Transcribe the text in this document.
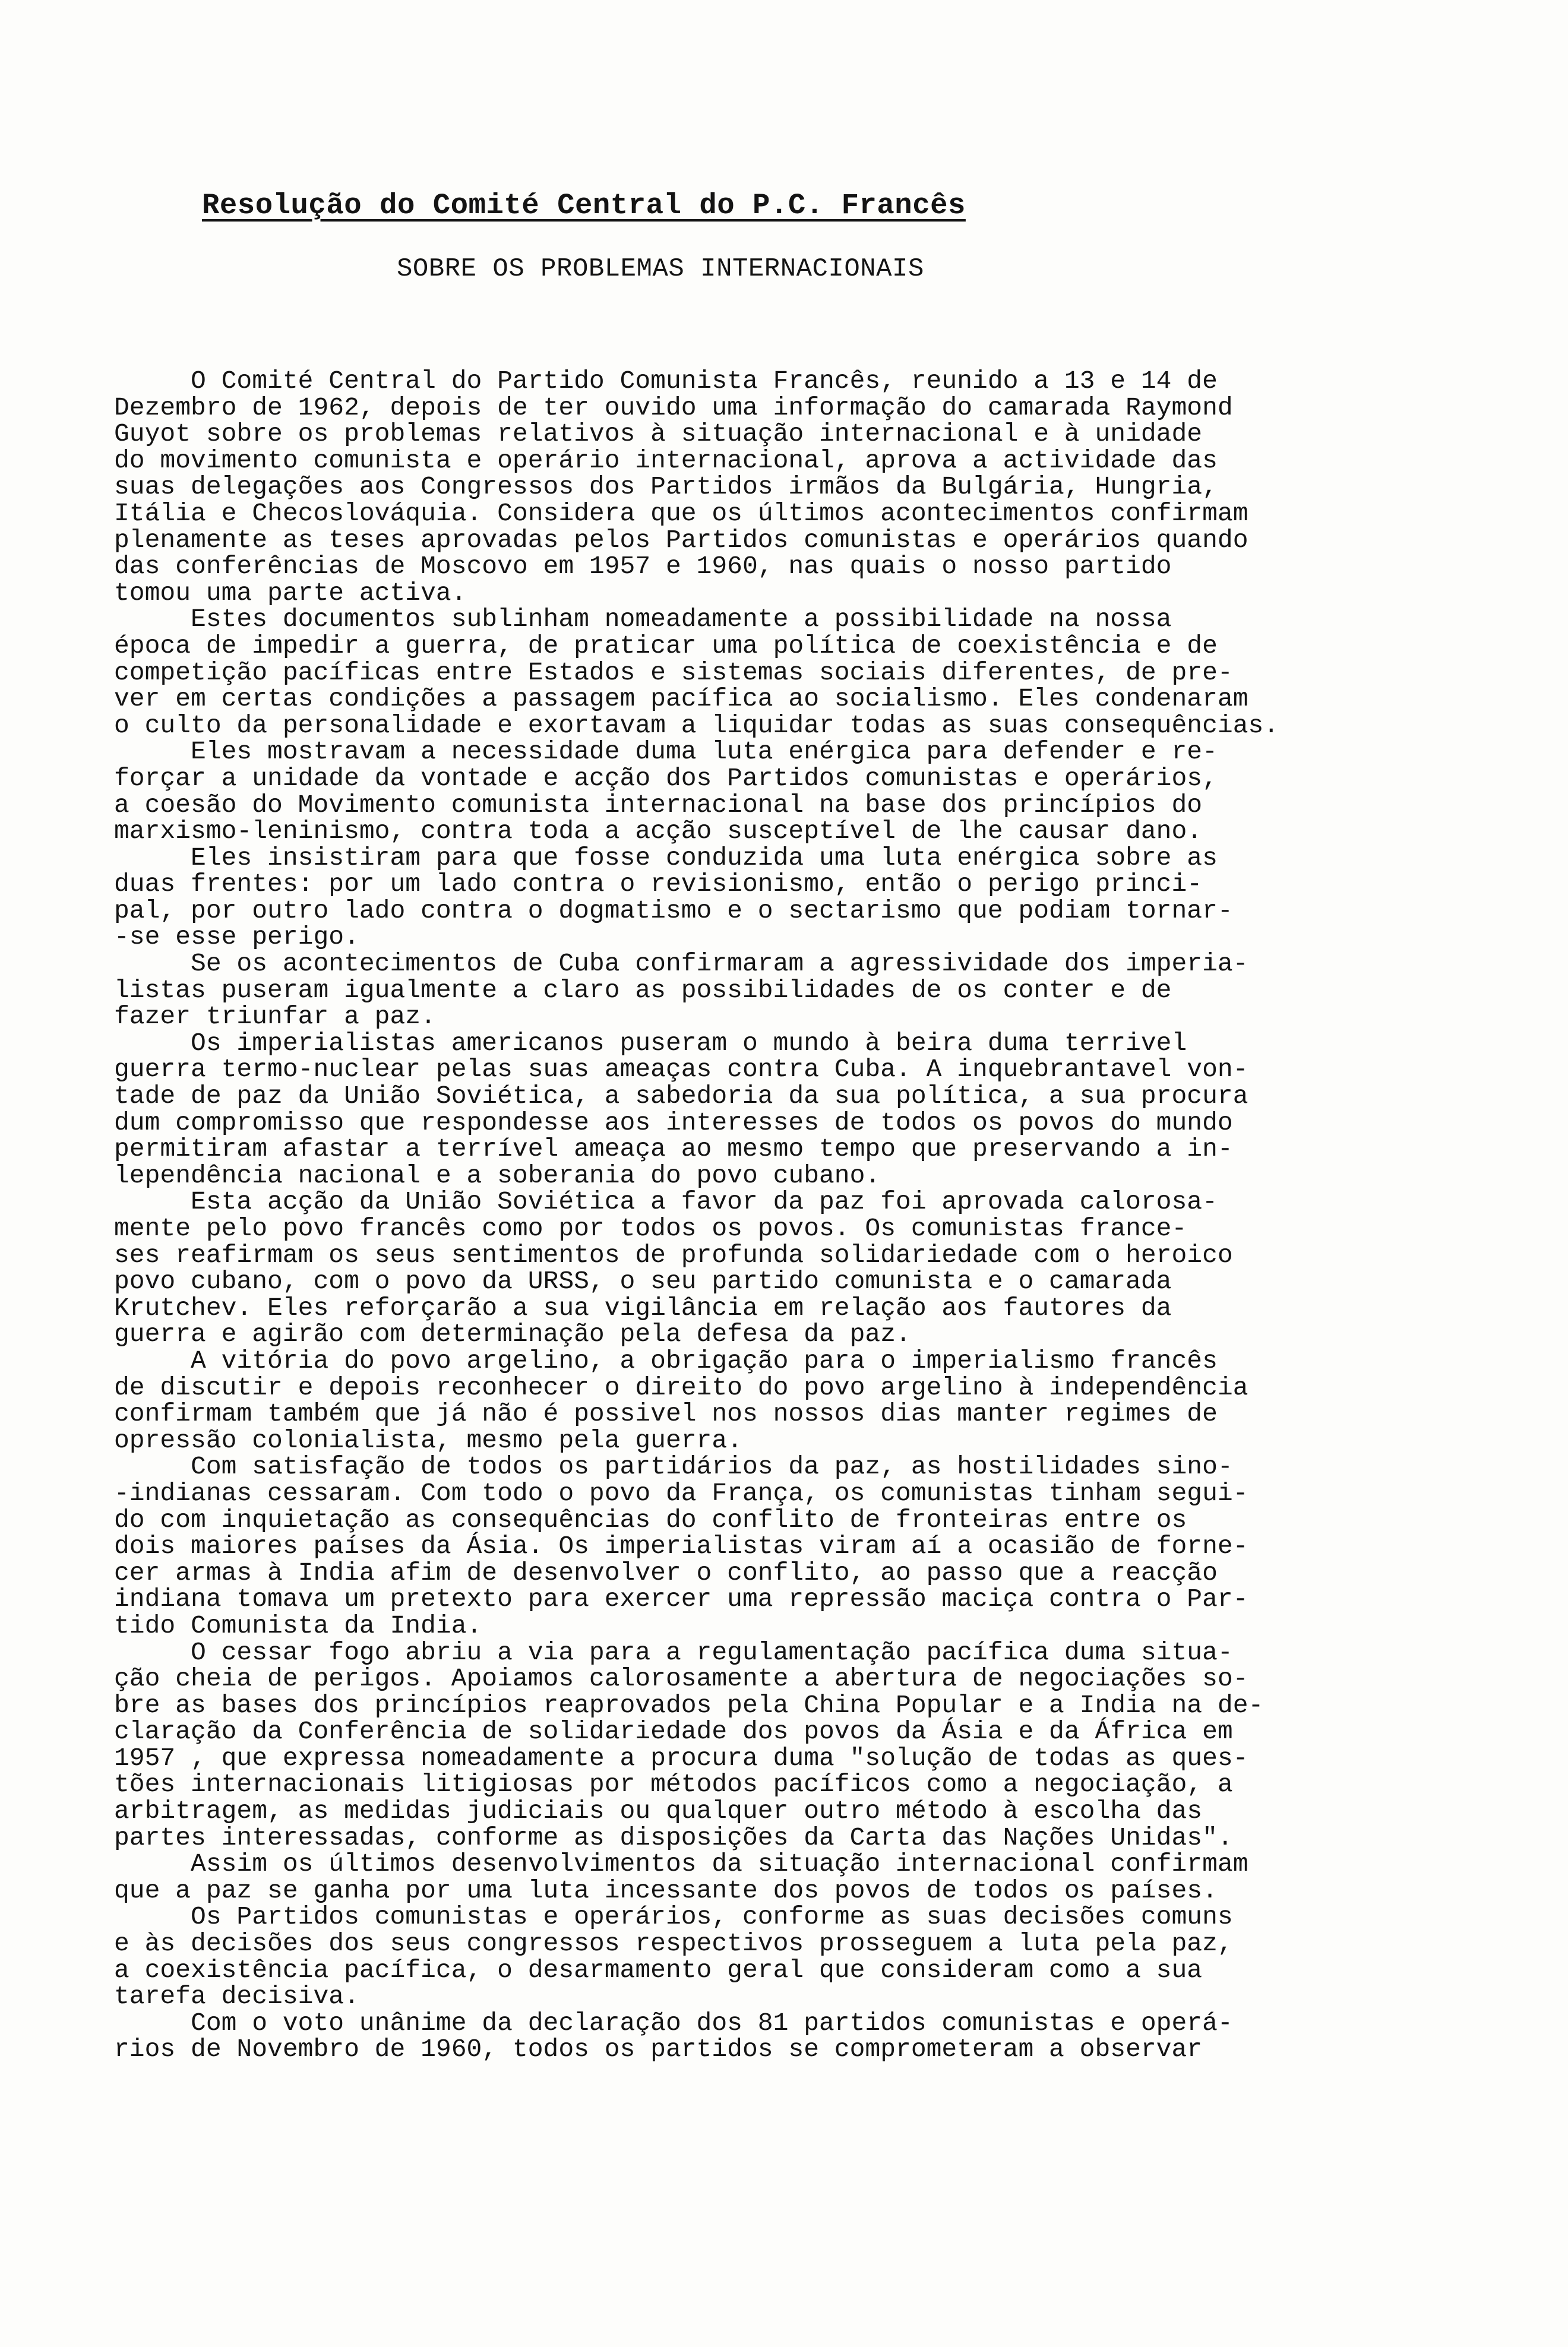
Resolução do Comité Central do P.C. Francês
SOBRE OS PROBLEMAS INTERNACIONAIS
O Comité Central do Partido Comunista Francês, reunido a 13 e 14 de
Dezembro de 1962, depois de ter ouvido uma informação do camarada Raymond
Guyot sobre os problemas relativos à situação internacional e à unidade
do movimento comunista e operário internacional, aprova a actividade das
suas delegações aos Congressos dos Partidos irmãos da Bulgária, Hungria,
Itália e Checoslováquia. Considera que os últimos acontecimentos confirmam
plenamente as teses aprovadas pelos Partidos comunistas e operários quando
das conferências de Moscovo em 1957 e 1960, nas quais o nosso partido
tomou uma parte activa.
Estes documentos sublinham nomeadamente a possibilidade na nossa
época de impedir a guerra, de praticar uma política de coexistência e de
competição pacíficas entre Estados e sistemas sociais diferentes, de pre-
ver em certas condições a passagem pacífica ao socialismo. Eles condenaram
o culto da personalidade e exortavam a liquidar todas as suas consequências.
Eles mostravam a necessidade duma luta enérgica para defender e re-
forçar a unidade da vontade e acção dos Partidos comunistas e operários,
a coesão do Movimento comunista internacional na base dos princípios do
marxismo-leninismo, contra toda a acção susceptível de lhe causar dano.
Eles insistiram para que fosse conduzida uma luta enérgica sobre as
duas frentes: por um lado contra o revisionismo, então o perigo princi-
pal, por outro lado contra o dogmatismo e o sectarismo que podiam tornar-
-se esse perigo.
Se os acontecimentos de Cuba confirmaram a agressividade dos imperia-
listas puseram igualmente a claro as possibilidades de os conter e de
fazer triunfar a paz.
Os imperialistas americanos puseram o mundo à beira duma terrivel
guerra termo-nuclear pelas suas ameaças contra Cuba. A inquebrantavel von-
tade de paz da União Soviética, a sabedoria da sua política, a sua procura
dum compromisso que respondesse aos interesses de todos os povos do mundo
permitiram afastar a terrível ameaça ao mesmo tempo que preservando a in-
lependência nacional e a soberania do povo cubano.
Esta acção da União Soviética a favor da paz foi aprovada calorosa-
mente pelo povo francês como por todos os povos. Os comunistas france-
ses reafirmam os seus sentimentos de profunda solidariedade com o heroico
povo cubano, com o povo da URSS, o seu partido comunista e o camarada
Krutchev. Eles reforçarão a sua vigilância em relação aos fautores da
guerra e agirão com determinação pela defesa da paz.
A vitória do povo argelino, a obrigação para o imperialismo francês
de discutir e depois reconhecer o direito do povo argelino à independência
confirmam também que já não é possivel nos nossos dias manter regimes de
opressão colonialista, mesmo pela guerra.
Com satisfação de todos os partidários da paz, as hostilidades sino-
-indianas cessaram. Com todo o povo da França, os comunistas tinham segui-
do com inquietação as consequências do conflito de fronteiras entre os
dois maiores países da Ásia. Os imperialistas viram aí a ocasião de forne-
cer armas à India afim de desenvolver o conflito, ao passo que a reacção
indiana tomava um pretexto para exercer uma repressão maciça contra o Par-
tido Comunista da India.
O cessar fogo abriu a via para a regulamentação pacífica duma situa-
ção cheia de perigos. Apoiamos calorosamente a abertura de negociações so-
bre as bases dos princípios reaprovados pela China Popular e a India na de-
claração da Conferência de solidariedade dos povos da Ásia e da África em
1957 , que expressa nomeadamente a procura duma "solução de todas as ques-
tões internacionais litigiosas por métodos pacíficos como a negociação, a
arbitragem, as medidas judiciais ou qualquer outro método à escolha das
partes interessadas, conforme as disposições da Carta das Nações Unidas".
Assim os últimos desenvolvimentos da situação internacional confirmam
que a paz se ganha por uma luta incessante dos povos de todos os países.
Os Partidos comunistas e operários, conforme as suas decisões comuns
e às decisões dos seus congressos respectivos prosseguem a luta pela paz,
a coexistência pacífica, o desarmamento geral que consideram como a sua
tarefa decisiva.
Com o voto unânime da declaração dos 81 partidos comunistas e operá-
rios de Novembro de 1960, todos os partidos se comprometeram a observar
